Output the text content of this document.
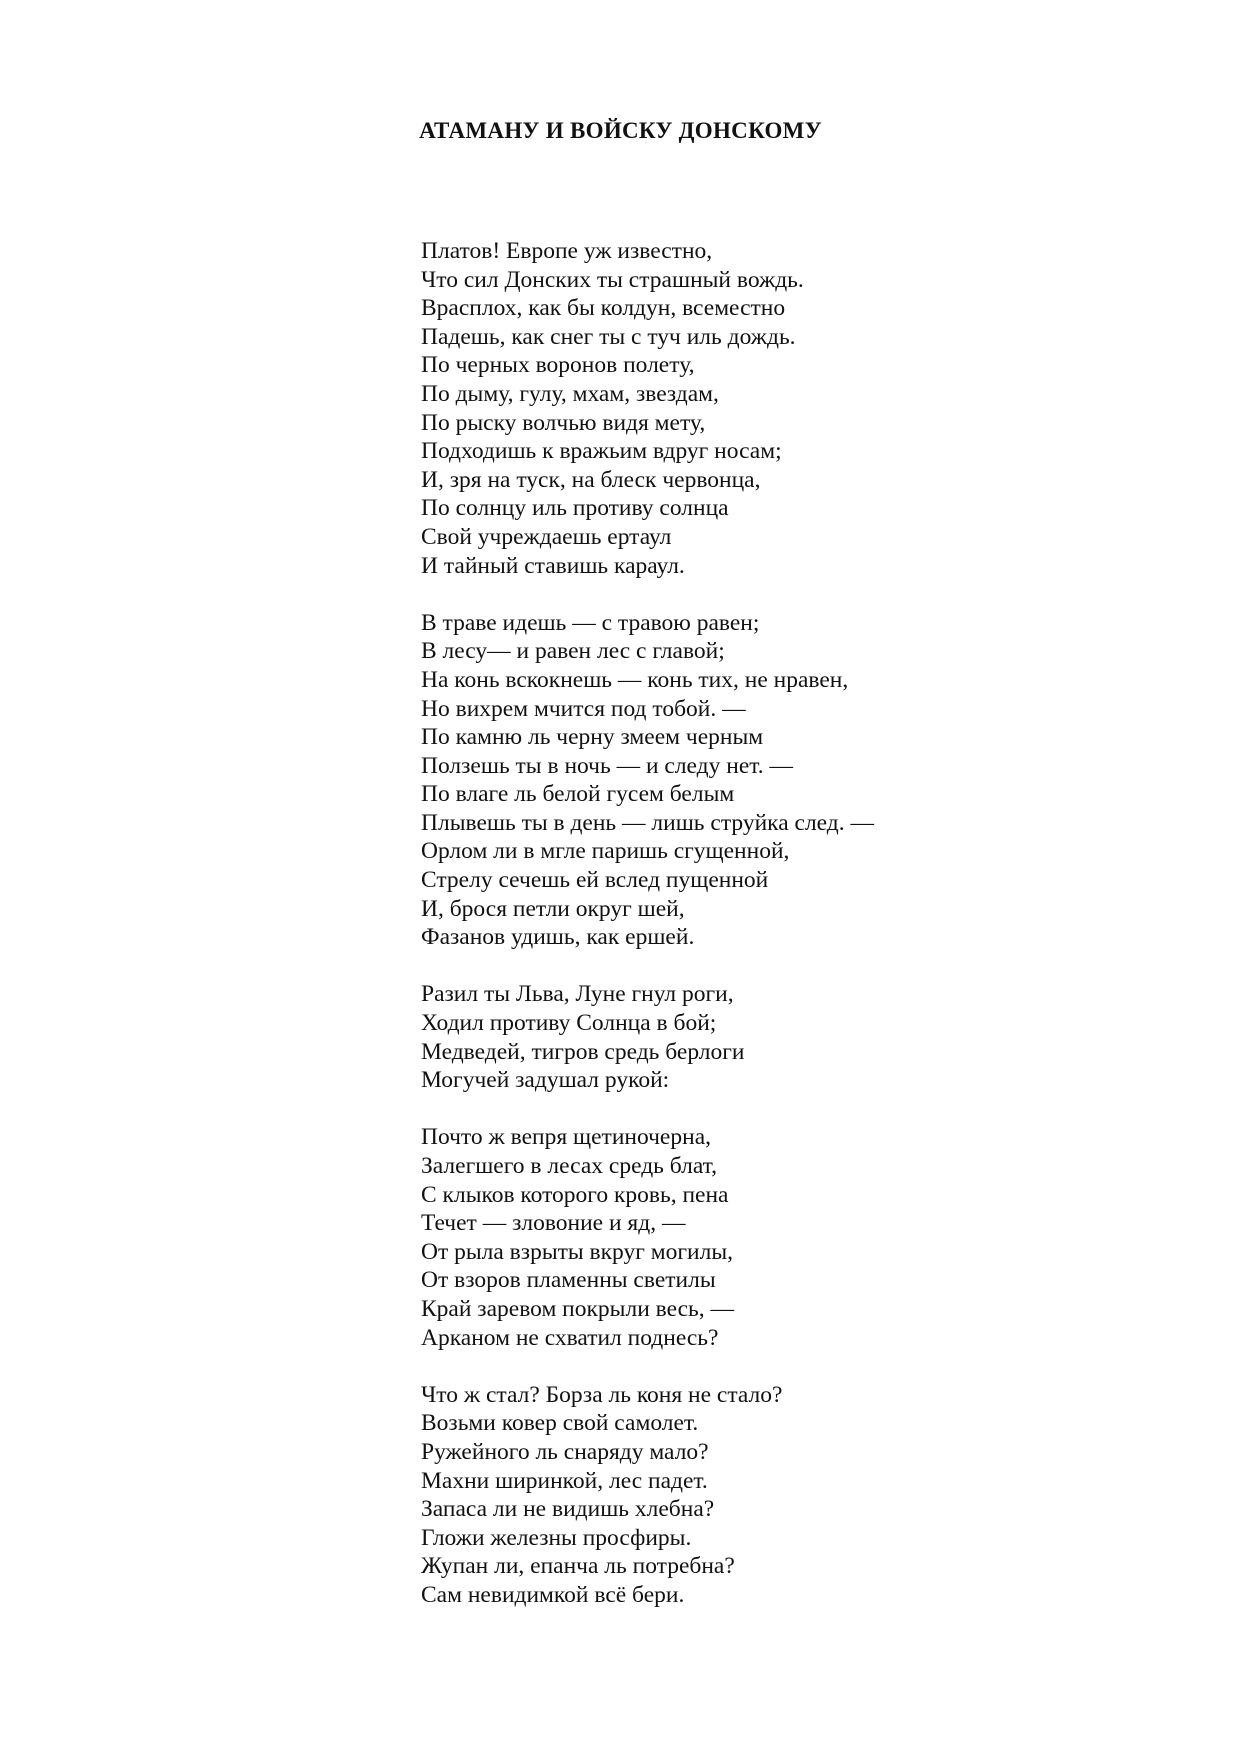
АТАМАНУ И ВОЙСКУ ДОНСКОМУ
Платов! Европе уж известно,
Что сил Донских ты страшный вождь.
Врасплох, как бы колдун, всеместно
Падешь, как снег ты с туч иль дождь.
По черных воронов полету,
По дыму, гулу, мхам, звездам,
По рыску волчью видя мету,
Подходишь к вражьим вдруг носам;
И, зря на туск, на блеск червонца,
По солнцу иль противу солнца
Свой учреждаешь ертаул
И тайный ставишь караул.
В траве идешь — с травою равен;
В лесу— и равен лес с главой;
На конь вскокнешь — конь тих, не нравен,
Но вихрем мчится под тобой. —
По камню ль черну змеем черным
Ползешь ты в ночь — и следу нет. —
По влаге ль белой гусем белым
Плывешь ты в день — лишь струйка след. —
Орлом ли в мгле паришь сгущенной,
Стрелу сечешь ей вслед пущенной
И, брося петли округ шей,
Фазанов удишь, как ершей.
Разил ты Льва, Луне гнул роги,
Ходил противу Солнца в бой;
Медведей, тигров средь берлоги
Могучей задушал рукой:
Почто ж вепря щетиночерна,
Залегшего в лесах средь блат,
С клыков которого кровь, пена
Течет — зловоние и яд, —
От рыла взрыты вкруг могилы,
От взоров пламенны светилы
Край заревом покрыли весь, —
Арканом не схватил поднесь?
Что ж стал? Борза ль коня не стало?
Возьми ковер свой самолет.
Ружейного ль снаряду мало?
Махни ширинкой, лес падет.
Запаса ли не видишь хлебна?
Гложи железны просфиры.
Жупан ли, епанча ль потребна?
Сам невидимкой всё бери.
